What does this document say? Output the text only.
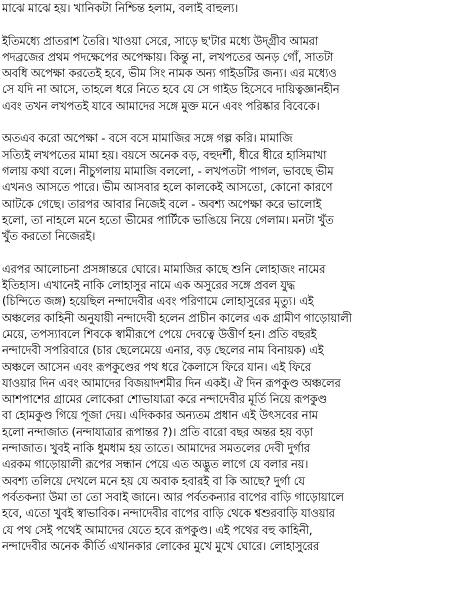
মাঝে মাঝে হয়। খানিকটা নিশ্চিন্ত হলাম, বলাই বাহুল্য।
ইতিমধ্যে প্রাতরাশ তৈরি। খাওয়া সেরে, সাড়ে ছ'টার মধ্যে উদ্গ্রীব আমরা
পদব্রজের প্রথম পদক্ষেপের অপেক্ষায়। কিন্তু না, লখপতের অনড় গোঁ, সাতটা
অবধি অপেক্ষা করতেই হবে, ভীম সিং নামক অন্য গাইডটির জন্য। এর মধ্যেও
সে যদি না আসে, তাহলে ধরে নিতে হবে যে সে গাইড হিসেবে দায়িত্বজ্ঞানহীন
এবং তখন লখপতই যাবে আমাদের সঙ্গে মুক্ত মনে এবং পরিষ্কার বিবেকে।
অতএব করো অপেক্ষা - বসে বসে মামাজির সঙ্গে গল্প করি। মামাজি
সত্যিই লখপতের মামা হয়। বয়সে অনেক বড়, বহুদর্শী, ধীরে ধীরে হাসিমাখা
গলায় কথা বলে। নীচুগলায় মামাজি বললো, - লখপতটা পাগল, ভাবছে ভীম
এখনও আসতে পারে। ভীম আসবার হলে কালকেই আসতো, কোনো কারণে
আটকে গেছে। তারপর আবার নিজেই বলে - অবশ্য অপেক্ষা করে ভালোই
হলো, তা নাহলে মনে হতো ভীমের পার্টিকে ভাঙিয়ে নিয়ে গেলাম। মনটা খুঁত
খুঁত করতো নিজেরই।
এরপর আলোচনা প্রসঙ্গান্তরে ঘোরে। মামাজির কাছে শুনি লোহাজং নামের
ইতিহাস। এখানেই নাকি লোহাসুর নামে এক অসুরের সঙ্গে প্রবল যুদ্ধ
(চিন্দিতে জঙ্গ) হয়েছিল নন্দাদেবীর এবং পরিণামে লোহাসুরের মৃত্যু। এই
অঞ্চলের কাহিনী অনুযায়ী নন্দাদেবী হলেন প্রাচীন কালের এক গ্রামীণ গাড়োয়ালী
মেয়ে, তপস্যাবলে শিবকে স্বামীরূপে পেয়ে দেবত্বে উত্তীর্ণ হন। প্রতি বছরই
নন্দাদেবী সপরিবারে (চার ছেলেমেয়ে এনার, বড় ছেলের নাম বিনায়ক) এই
অঞ্চলে আসেন এবং রূপকুণ্ডের পথ ধরে কৈলাসে ফিরে যান। এই ফিরে
যাওয়ার দিন এবং আমাদের বিজয়াদশমীর দিন একই। ঐ দিন রূপকুণ্ড অঞ্চলের
আশপাশের গ্রামের লোকেরা শোভাযাত্রা করে নন্দাদেবীর মূর্তি নিয়ে রূপকুণ্ড
বা হোমকুণ্ড গিয়ে পূজা দেয়। এদিককার অন্যতম প্রধান এই উৎসবের নাম
হলো নন্দাজাত (নন্দাযাত্রার রূপান্তর ?)। প্রতি বারো বছর অন্তর হয় বড়া
নন্দাজাত। খুবই নাকি ধুমধাম হয় তাতে। আমাদের সমতলের দেবী দুর্গার
এরকম গাড়োয়ালী রূপের সন্ধান পেয়ে এত অদ্ভুত লাগে যে বলার নয়।
অবশ্য তলিয়ে দেখলে মনে হয় যে অবাক হবারই বা কি আছে? দুর্গা যে
পর্বতকন্যা উমা তা তো সবাই জানে। আর পর্বতকন্যার বাপের বাড়ি গাড়োয়ালে
হবে, এতো খুবই স্বাভাবিক। নন্দাদেবীর বাপের বাড়ি থেকে শ্বশুরবাড়ি যাওয়ার
যে পথ সেই পথেই আমাদের যেতে হবে রূপকুণ্ড। এই পথের বহু কাহিনী,
নন্দাদেবীর অনেক কীর্তি এখানকার লোকের মুখে মুখে ঘোরে। লোহাসুরের
